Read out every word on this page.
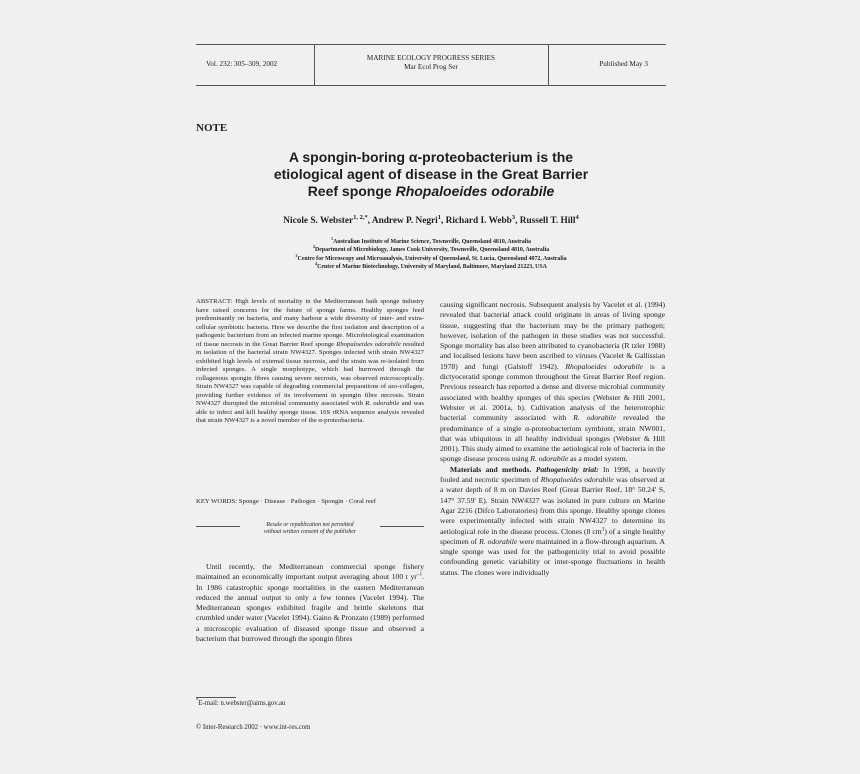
Vol. 232: 305–309, 2002
MARINE ECOLOGY PROGRESS SERIES
Mar Ecol Prog Ser	Published May 3
NOTE
A spongin-boring α-proteobacterium is the
etiological agent of disease in the Great Barrier
Reef sponge Rhopaloeides odorabile
Nicole S. Webster$^{1, 2,*}$, Andrew P. Negri$^1$, Richard I. Webb$^3$, Russell T. Hill$^4$
$^1$Australian Institute of Marine Science, Townsville, Queensland 4810, Australia
$^2$Department of Microbiology, James Cook University, Townsville, Queensland 4810, Australia
$^3$Centre for Microscopy and Microanalysis, University of Queensland, St. Lucia, Queensland 4072, Australia
$^4$Center of Marine Biotechnology, University of Maryland, Baltimore, Maryland 21223, USA
ABSTRACT: High levels of mortality in the Mediterranean bath sponge industry have raised concerns for the future of sponge farms. Healthy sponges feed predominantly on bacteria, and many harbour a wide diversity of inter- and extra-cellular symbiotic bacteria. Here we describe the first isolation and description of a pathogenic bacterium from an infected marine sponge. Microbiological examination of tissue necrosis in the Great Barrier Reef sponge Rhopaloeides odorabile resulted in isolation of the bacterial strain NW4327. Sponges infected with strain NW4327 exhibited high levels of external tissue necrosis, and the strain was re-isolated from infected sponges. A single morphotype, which had burrowed through the collagenous spongin fibres causing severe necrosis, was observed microscopically. Strain NW4327 was capable of degrading commercial preparations of azo-collagen, providing further evidence of its involvement in spongin fibre necrosis. Strain NW4327 disrupted the microbial community associated with R. odorabile and was able to infect and kill healthy sponge tissue. 16S rRNA sequence analysis revealed that strain NW4327 is a novel member of the α-proteobacteria.
KEY WORDS: Sponge · Disease · Pathogen · Spongin · Coral reef
Resale or republication not permitted
without written consent of the publisher
Until recently, the Mediterranean commercial sponge fishery maintained an economically important output averaging about 100 t $yr^{-1}$. In 1986 catastrophic sponge mortalities in the eastern Mediterranean reduced the annual output to only a few tonnes (Vacelet 1994). The Mediterranean sponges exhibited fragile and brittle skeletons that crumbled under water (Vacelet 1994). Gaino & Pronzato (1989) performed a microscopic evaluation of diseased sponge tissue and observed a bacterium that burrowed through the spongin fibres

causing significant necrosis. Subsequent analysis by Vacelet et al. (1994) revealed that bacterial attack could originate in areas of living sponge tissue, suggesting that the bacterium may be the primary pathogen; however, isolation of the pathogen in these studies was not successful. Sponge mortality has also been attributed to cyanobacteria (R tzler 1988) and localised lesions have been ascribed to viruses (Vacelet & Gallissian 1978) and fungi (Galstoff 1942). Rhopaloeides odorabile is a dictyoceratid sponge common throughout the Great Barrier Reef region. Previous research has reported a dense and diverse microbial community associated with healthy sponges of this species (Webster & Hill 2001, Webster et al. 2001a, b). Cultivation analysis of the heterotrophic bacterial community associated with R. odorabile revealed the predominance of a single α-proteobacterium symbiont, strain NW001, that was ubiquitous in all healthy individual sponges (Webster & Hill 2001). This study aimed to examine the aetiological role of bacteria in the sponge disease process using R. odorabile as a model system.

Materials and methods. Pathogenicity trial: In 1998, a heavily fouled and necrotic specimen of Rhopaloeides odorabile was observed at a water depth of 8 m on Davies Reef (Great Barrier Reef, 18° 50.24' S, 147° 37.59' E). Strain NW4327 was isolated in pure culture on Marine Agar 2216 (Difco Laboratories) from this sponge. Healthy sponge clones were experimentally infected with strain NW4327 to determine its aetiological role in the disease process. Clones (8 $cm^3$) of a single healthy specimen of R. odorabile were maintained in a flow-through aquarium. A single sponge was used for the pathogenicity trial to avoid possible confounding genetic variability or inter-sponge fluctuations in health status. The clones were individually

*E-mail: n.webster@aims.gov.au
© Inter-Research 2002 · www.int-res.com
